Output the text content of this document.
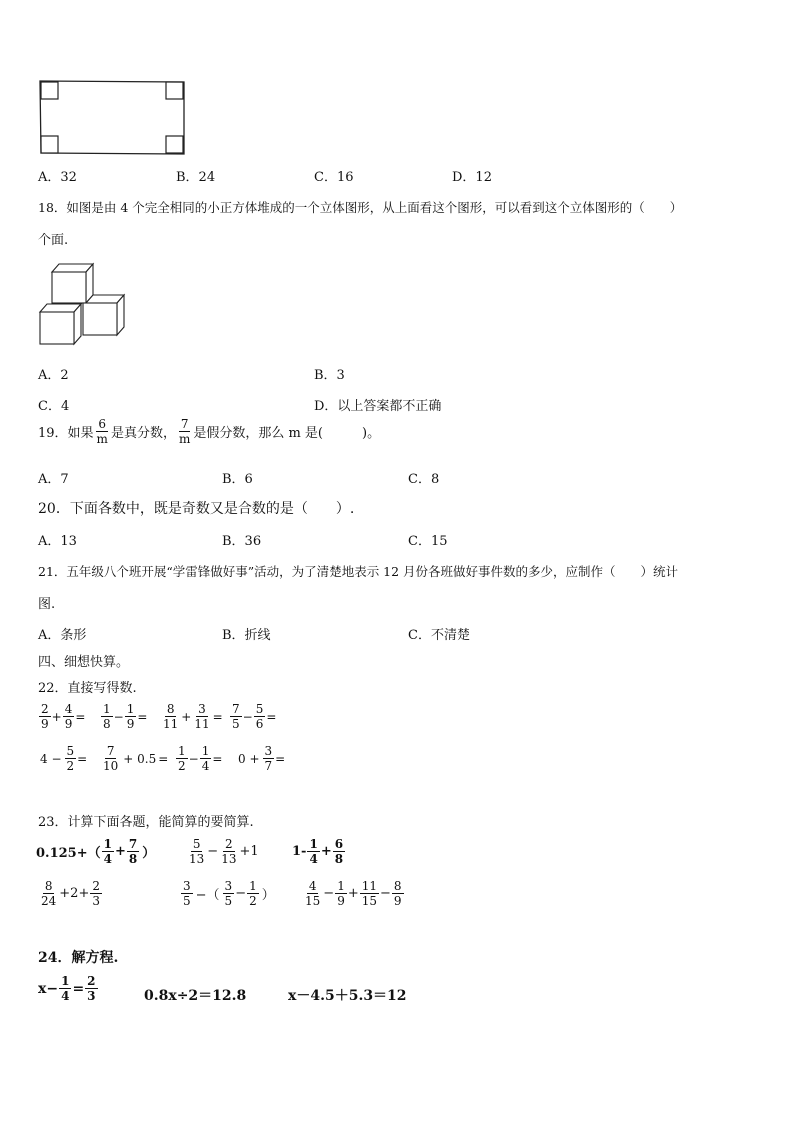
A．32	B．24	C．16	D．12
18．如图是由 4 个完全相同的小正方体堆成的一个立体图形，从上面看这个图形，可以看到这个立体图形的（　　）
个面.
A．2	B．3
C．4	D．以上答案都不正确
19．如果 $\frac{6}{m}$ 是真分数， $\frac{7}{m}$ 是假分数，那么 m 是(　　　)。
A．7	B．6	C．8
20．下面各数中，既是奇数又是合数的是（　　）.
A．13	B．36	C．15
21．五年级八个班开展“学雷锋做好事”活动，为了清楚地表示 12 月份各班做好事件数的多少，应制作（　　）统计
图.
A．条形	B．折线	C．不清楚
四、细想快算。
22．直接写得数.
$\frac{2}{9} + \frac{4}{9} = \frac{1}{8} - \frac{1}{9} = \frac{8}{11} + \frac{3}{11} = \frac{7}{5} - \frac{5}{6}$ =
$4 - \frac{5}{2} = \frac{7}{10} + 0.5 = \frac{1}{2} - \frac{1}{4} = 0 + \frac{3}{7}$ =
23．计算下面各题，能简算的要简算.
$0.125+( \frac{1}{4} + \frac{7}{8}$ ）	$\frac{5}{13} - \frac{2}{13} +1$	$1- \frac{1}{4} + \frac{6}{8}$
$\frac{8}{24} +2+ \frac{2}{3}$	$\frac{3}{5}$ −（ $\frac{3}{5} - \frac{1}{2}$ ） $\frac{4}{15} - \frac{1}{9} + \frac{11}{15} - \frac{8}{9}$
24．解方程.
$x- \frac{1}{4} = \frac{2}{3}$	0.8x÷2＝12.8	x－4.5＋5.3＝12
